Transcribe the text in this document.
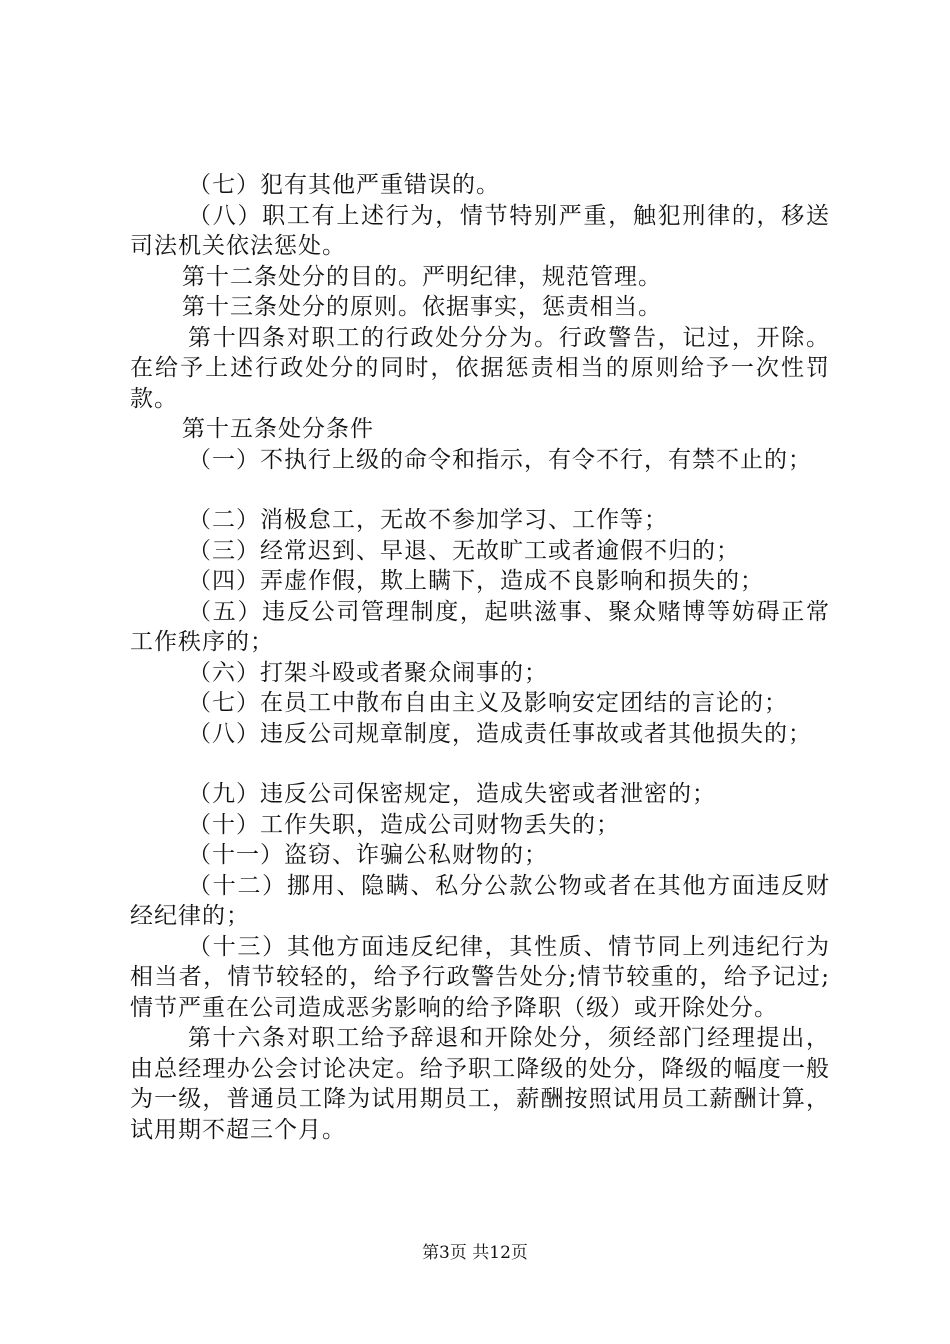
（七）犯有其他严重错误的。

（八）职工有上述行为，情节特别严重，触犯刑律的，移送司法机关依法惩处。

第十二条处分的目的。严明纪律，规范管理。

第十三条处分的原则。依据事实，惩责相当。

第十四条对职工的行政处分分为。行政警告，记过，开除。在给予上述行政处分的同时，依据惩责相当的原则给予一次性罚款。

第十五条处分条件

（一）不执行上级的命令和指示，有令不行，有禁不止的；

（二）消极怠工，无故不参加学习、工作等；

（三）经常迟到、早退、无故旷工或者逾假不归的；

（四）弄虚作假，欺上瞒下，造成不良影响和损失的；

（五）违反公司管理制度，起哄滋事、聚众赌博等妨碍正常工作秩序的；

（六）打架斗殴或者聚众闹事的；

（七）在员工中散布自由主义及影响安定团结的言论的；

（八）违反公司规章制度，造成责任事故或者其他损失的；

（九）违反公司保密规定，造成失密或者泄密的；

（十）工作失职，造成公司财物丢失的；

（十一）盗窃、诈骗公私财物的；

（十二）挪用、隐瞒、私分公款公物或者在其他方面违反财经纪律的；

（十三）其他方面违反纪律，其性质、情节同上列违纪行为相当者，情节较轻的，给予行政警告处分;情节较重的，给予记过;情节严重在公司造成恶劣影响的给予降职（级）或开除处分。

第十六条对职工给予辞退和开除处分，须经部门经理提出，由总经理办公会讨论决定。给予职工降级的处分，降级的幅度一般为一级，普通员工降为试用期员工，薪酬按照试用员工薪酬计算，试用期不超三个月。

第3页 共12页
